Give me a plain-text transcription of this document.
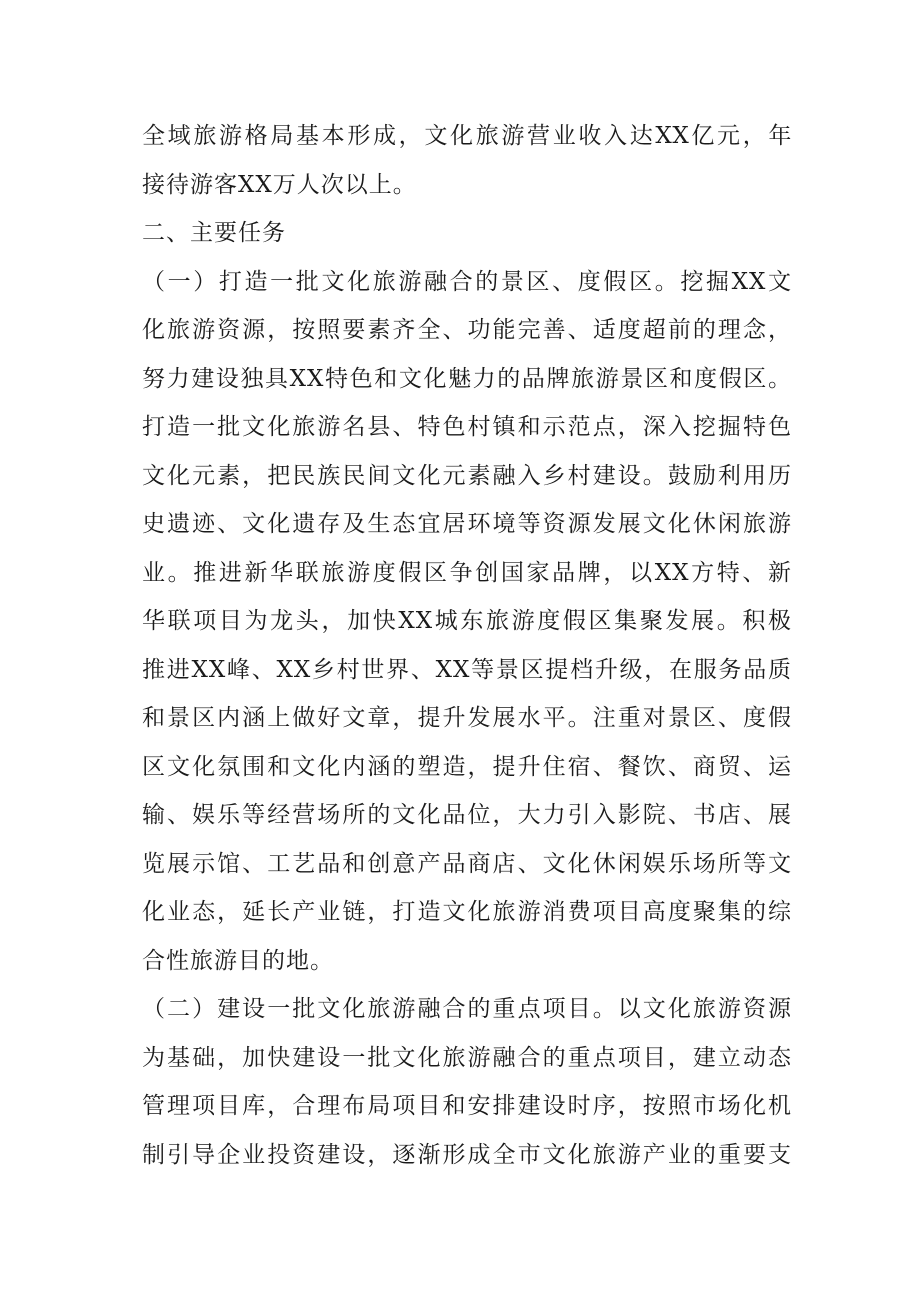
全域旅游格局基本形成，文化旅游营业收入达XX亿元，年
接待游客XX万人次以上。
二、主要任务
（一）打造一批文化旅游融合的景区、度假区。挖掘XX文
化旅游资源，按照要素齐全、功能完善、适度超前的理念，
努力建设独具XX特色和文化魅力的品牌旅游景区和度假区。
打造一批文化旅游名县、特色村镇和示范点，深入挖掘特色
文化元素，把民族民间文化元素融入乡村建设。鼓励利用历
史遗迹、文化遗存及生态宜居环境等资源发展文化休闲旅游
业。推进新华联旅游度假区争创国家品牌，以XX方特、新
华联项目为龙头，加快XX城东旅游度假区集聚发展。积极
推进XX峰、XX乡村世界、XX等景区提档升级，在服务品质
和景区内涵上做好文章，提升发展水平。注重对景区、度假
区文化氛围和文化内涵的塑造，提升住宿、餐饮、商贸、运
输、娱乐等经营场所的文化品位，大力引入影院、书店、展
览展示馆、工艺品和创意产品商店、文化休闲娱乐场所等文
化业态，延长产业链，打造文化旅游消费项目高度聚集的综
合性旅游目的地。
（二）建设一批文化旅游融合的重点项目。以文化旅游资源
为基础，加快建设一批文化旅游融合的重点项目，建立动态
管理项目库，合理布局项目和安排建设时序，按照市场化机
制引导企业投资建设，逐渐形成全市文化旅游产业的重要支
